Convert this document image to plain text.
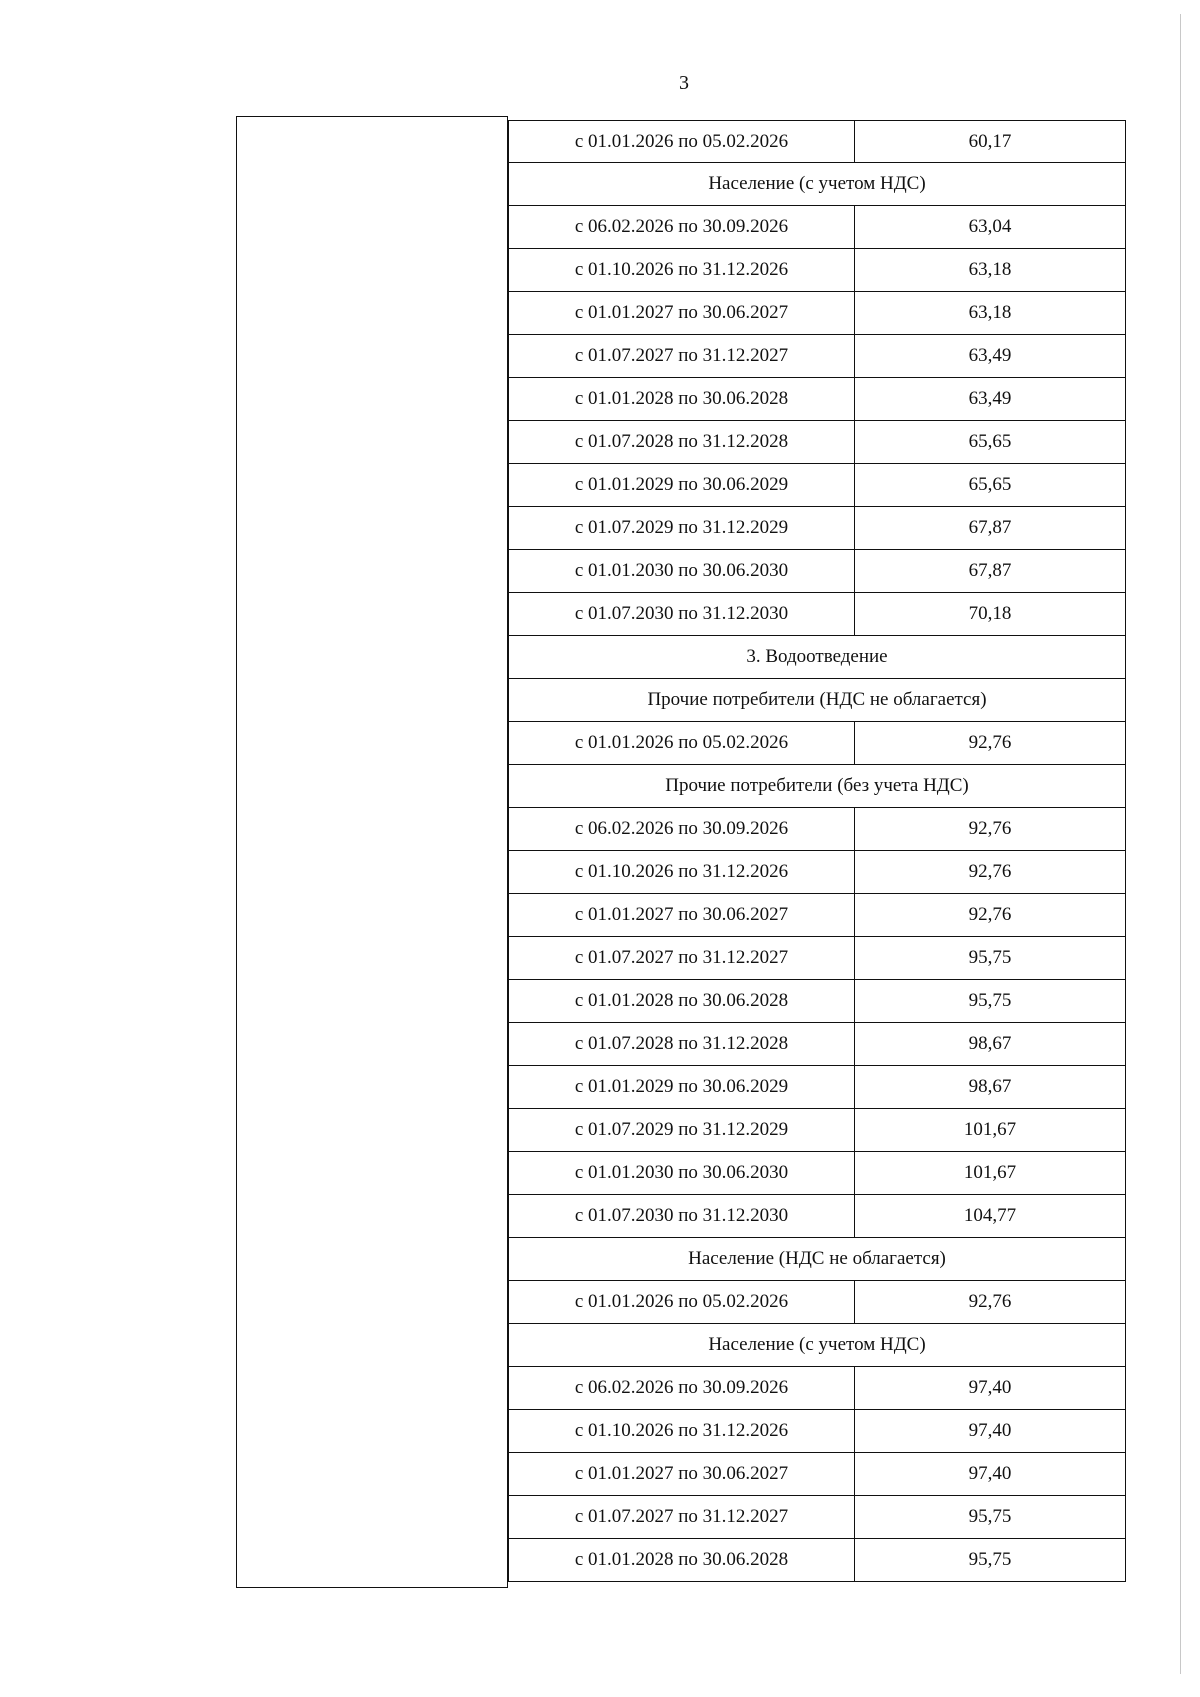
3
с 01.01.2026 по 05.02.2026	60,17
Население (с учетом НДС)
с 06.02.2026 по 30.09.2026	63,04
с 01.10.2026 по 31.12.2026	63,18
с 01.01.2027 по 30.06.2027	63,18
с 01.07.2027 по 31.12.2027	63,49
с 01.01.2028 по 30.06.2028	63,49
с 01.07.2028 по 31.12.2028	65,65
с 01.01.2029 по 30.06.2029	65,65
с 01.07.2029 по 31.12.2029	67,87
с 01.01.2030 по 30.06.2030	67,87
с 01.07.2030 по 31.12.2030	70,18
3. Водоотведение
Прочие потребители (НДС не облагается)
с 01.01.2026 по 05.02.2026	92,76
Прочие потребители (без учета НДС)
с 06.02.2026 по 30.09.2026	92,76
с 01.10.2026 по 31.12.2026	92,76
с 01.01.2027 по 30.06.2027	92,76
с 01.07.2027 по 31.12.2027	95,75
с 01.01.2028 по 30.06.2028	95,75
с 01.07.2028 по 31.12.2028	98,67
с 01.01.2029 по 30.06.2029	98,67
с 01.07.2029 по 31.12.2029	101,67
с 01.01.2030 по 30.06.2030	101,67
с 01.07.2030 по 31.12.2030	104,77
Население (НДС не облагается)
с 01.01.2026 по 05.02.2026	92,76
Население (с учетом НДС)
с 06.02.2026 по 30.09.2026	97,40
с 01.10.2026 по 31.12.2026	97,40
с 01.01.2027 по 30.06.2027	97,40
с 01.07.2027 по 31.12.2027	95,75
с 01.01.2028 по 30.06.2028	95,75
